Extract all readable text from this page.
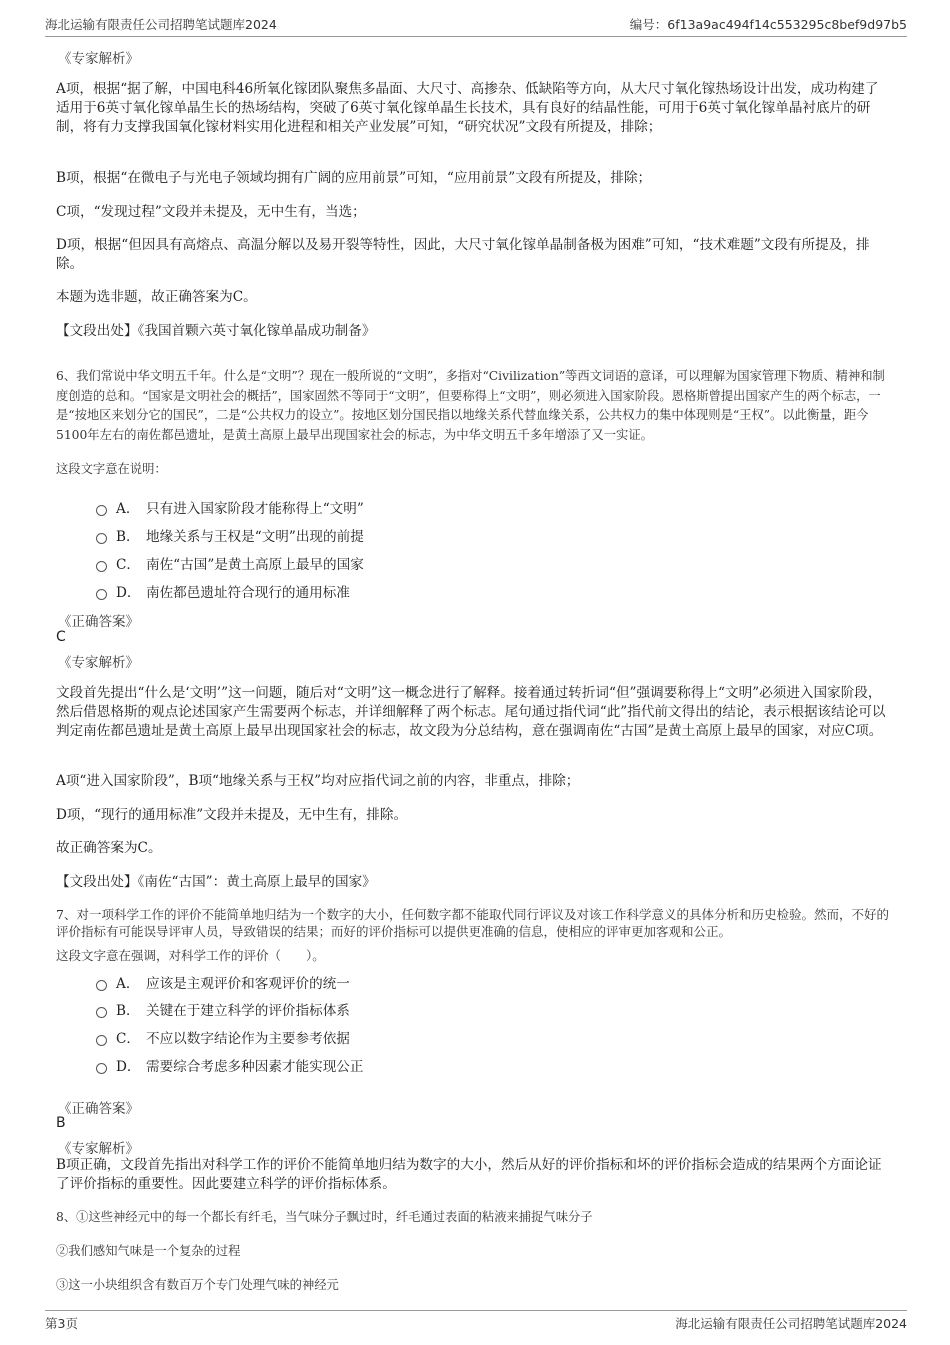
海北运输有限责任公司招聘笔试题库2024	编号：6f13a9ac494f14c553295c8bef9d97b5
《专家解析》

A项，根据“据了解，中国电科46所氧化镓团队聚焦多晶面、大尺寸、高掺杂、低缺陷等方向，从大尺寸氧化镓热场设计出发，成功构建了适用于6英寸氧化镓单晶生长的热场结构，突破了6英寸氧化镓单晶生长技术，具有良好的结晶性能，可用于6英寸氧化镓单晶衬底片的研制，将有力支撑我国氧化镓材料实用化进程和相关产业发展”可知，“研究状况”文段有所提及，排除；

B项，根据“在微电子与光电子领域均拥有广阔的应用前景”可知，“应用前景”文段有所提及，排除；

C项，“发现过程”文段并未提及，无中生有，当选；

D项，根据“但因具有高熔点、高温分解以及易开裂等特性，因此，大尺寸氧化镓单晶制备极为困难”可知，“技术难题”文段有所提及，排除。

本题为选非题，故正确答案为C。

【文段出处】《我国首颗六英寸氧化镓单晶成功制备》

6、我们常说中华文明五千年。什么是“文明”？现在一般所说的“文明”，多指对“Civilization”等西文词语的意译，可以理解为国家管理下物质、精神和制度创造的总和。“国家是文明社会的概括”，国家固然不等同于“文明”，但要称得上“文明”，则必须进入国家阶段。恩格斯曾提出国家产生的两个标志，一是“按地区来划分它的国民”，二是“公共权力的设立”。按地区划分国民指以地缘关系代替血缘关系，公共权力的集中体现则是“王权”。以此衡量，距今5100年左右的南佐都邑遗址，是黄土高原上最早出现国家社会的标志，为中华文明五千多年增添了又一实证。

这段文字意在说明：

A． 只有进入国家阶段才能称得上“文明”
B． 地缘关系与王权是“文明”出现的前提
C． 南佐“古国”是黄土高原上最早的国家
D． 南佐都邑遗址符合现行的通用标准
《正确答案》
C
《专家解析》

文段首先提出“什么是‘文明’”这一问题，随后对“文明”这一概念进行了解释。接着通过转折词“但”强调要称得上“文明”必须进入国家阶段，然后借恩格斯的观点论述国家产生需要两个标志，并详细解释了两个标志。尾句通过指代词“此”指代前文得出的结论，表示根据该结论可以判定南佐都邑遗址是黄土高原上最早出现国家社会的标志，故文段为分总结构，意在强调南佐“古国”是黄土高原上最早的国家，对应C项。

A项“进入国家阶段”，B项“地缘关系与王权”均对应指代词之前的内容，非重点，排除；

D项，“现行的通用标准”文段并未提及，无中生有，排除。

故正确答案为C。

【文段出处】《南佐“古国”：黄土高原上最早的国家》

7、对一项科学工作的评价不能简单地归结为一个数字的大小，任何数字都不能取代同行评议及对该工作科学意义的具体分析和历史检验。然而，不好的评价指标有可能误导评审人员，导致错误的结果；而好的评价指标可以提供更准确的信息，使相应的评审更加客观和公正。

这段文字意在强调，对科学工作的评价（　　）。

A． 应该是主观评价和客观评价的统一
B． 关键在于建立科学的评价指标体系
C． 不应以数字结论作为主要参考依据
D． 需要综合考虑多种因素才能实现公正
《正确答案》
B
《专家解析》

B项正确，文段首先指出对科学工作的评价不能简单地归结为数字的大小，然后从好的评价指标和坏的评价指标会造成的结果两个方面论证了评价指标的重要性。因此要建立科学的评价指标体系。

8、①这些神经元中的每一个都长有纤毛，当气味分子飘过时，纤毛通过表面的粘液来捕捉气味分子

②我们感知气味是一个复杂的过程

③这一小块组织含有数百万个专门处理气味的神经元

第3页	海北运输有限责任公司招聘笔试题库2024
